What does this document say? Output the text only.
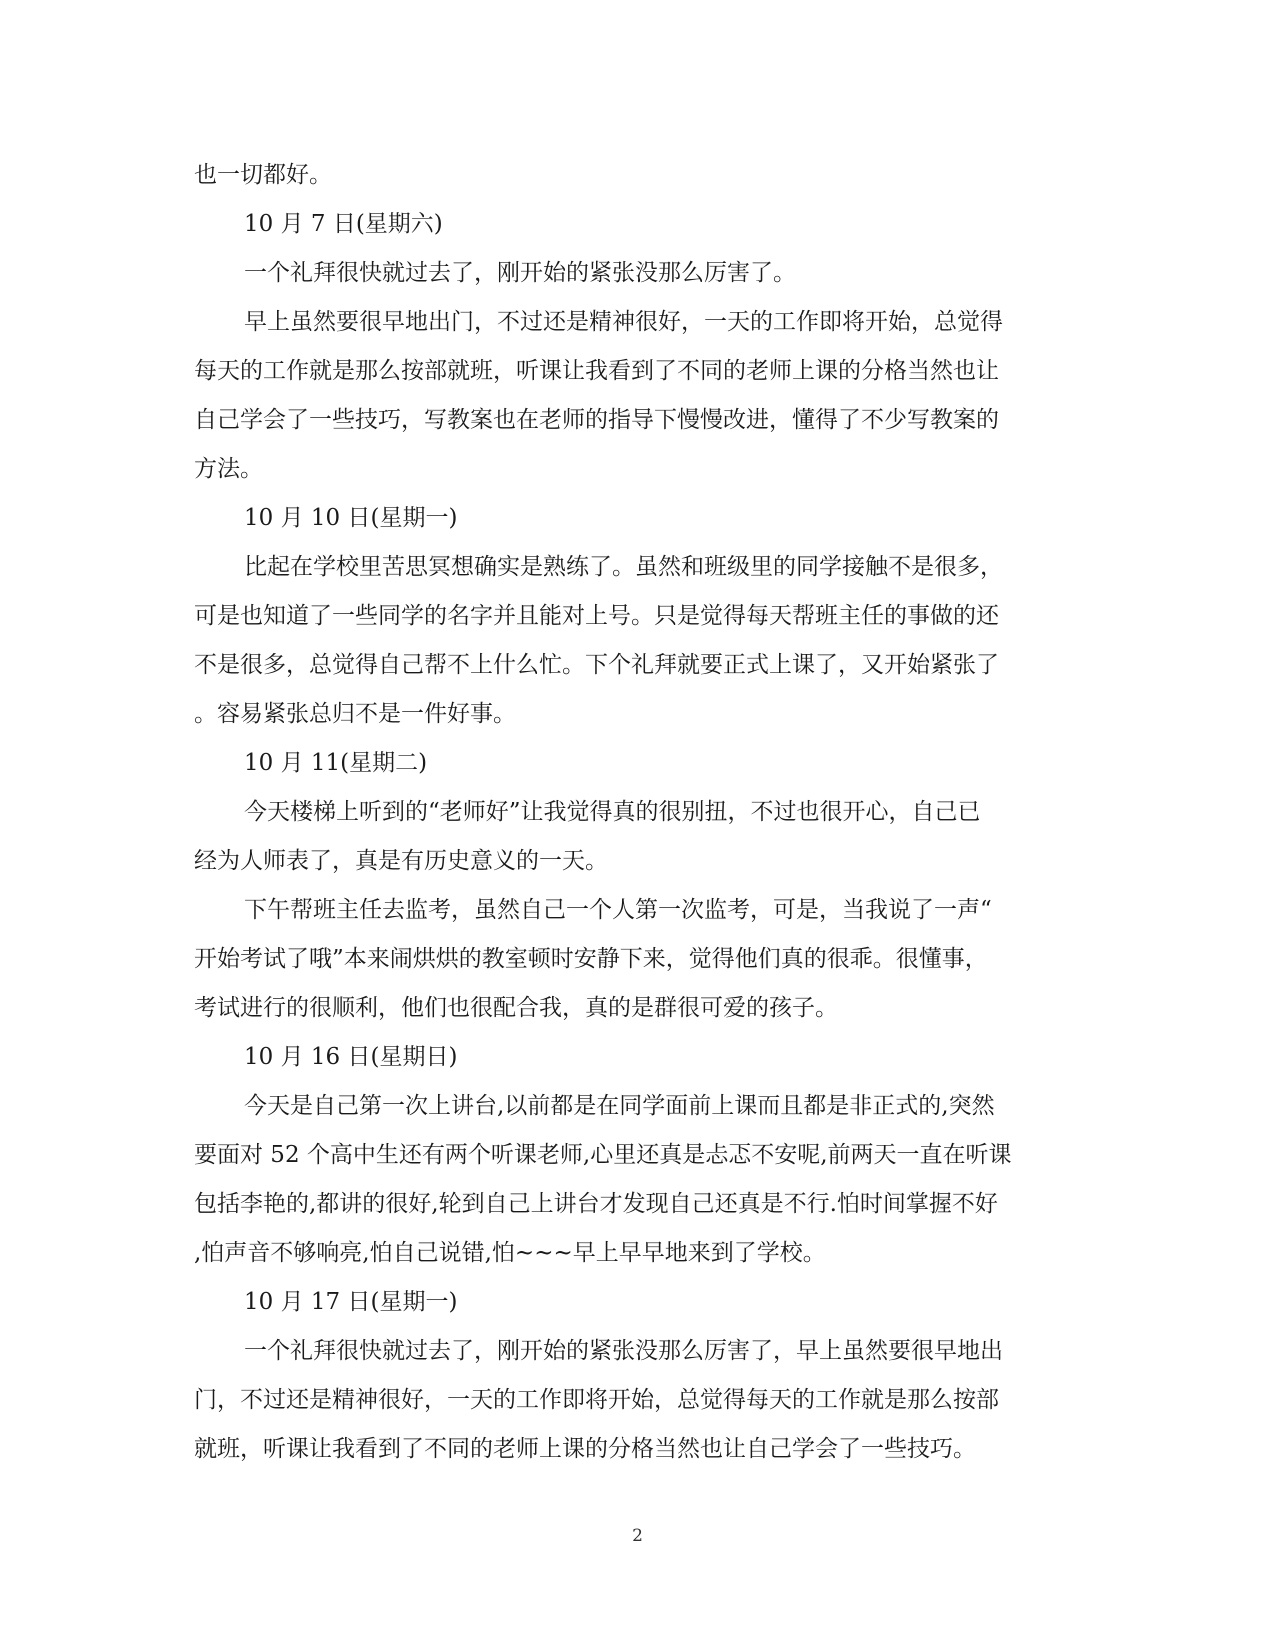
也一切都好。
10 月 7 日(星期六)
一个礼拜很快就过去了，刚开始的紧张没那么厉害了。
早上虽然要很早地出门，不过还是精神很好，一天的工作即将开始，总觉得
每天的工作就是那么按部就班，听课让我看到了不同的老师上课的分格当然也让
自己学会了一些技巧，写教案也在老师的指导下慢慢改进，懂得了不少写教案的
方法。
10 月 10 日(星期一)
比起在学校里苦思冥想确实是熟练了。虽然和班级里的同学接触不是很多，
可是也知道了一些同学的名字并且能对上号。只是觉得每天帮班主任的事做的还
不是很多，总觉得自己帮不上什么忙。下个礼拜就要正式上课了，又开始紧张了
。容易紧张总归不是一件好事。
10 月 11(星期二)
今天楼梯上听到的“老师好”让我觉得真的很别扭，不过也很开心，自己已
经为人师表了，真是有历史意义的一天。
下午帮班主任去监考，虽然自己一个人第一次监考，可是，当我说了一声“
开始考试了哦”本来闹烘烘的教室顿时安静下来，觉得他们真的很乖。很懂事，
考试进行的很顺利，他们也很配合我，真的是群很可爱的孩子。
10 月 16 日(星期日)
今天是自己第一次上讲台,以前都是在同学面前上课而且都是非正式的,突然
要面对 52 个高中生还有两个听课老师,心里还真是忐忑不安呢,前两天一直在听课
包括李艳的,都讲的很好,轮到自己上讲台才发现自己还真是不行.怕时间掌握不好
,怕声音不够响亮,怕自己说错,怕~~~早上早早地来到了学校。
10 月 17 日(星期一)
一个礼拜很快就过去了，刚开始的紧张没那么厉害了，早上虽然要很早地出
门，不过还是精神很好，一天的工作即将开始，总觉得每天的工作就是那么按部
就班，听课让我看到了不同的老师上课的分格当然也让自己学会了一些技巧。
2
